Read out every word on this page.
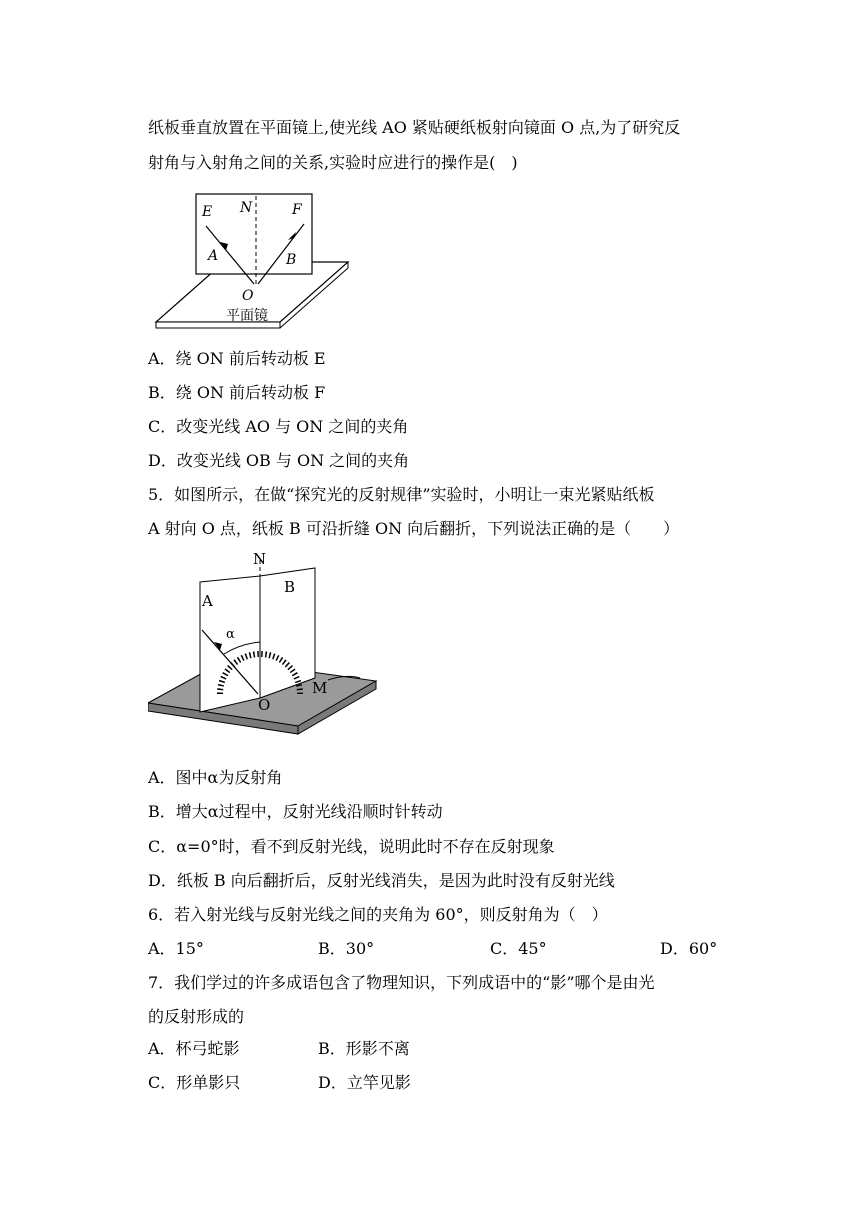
纸板垂直放置在平面镜上,使光线 AO 紧贴硬纸板射向镜面 O 点,为了研究反
射角与入射角之间的关系,实验时应进行的操作是(　)
E N	F
A	B
O
平面镜
A．绕 ON 前后转动板 E
B．绕 ON 前后转动板 F
C．改变光线 AO 与 ON 之间的夹角
D．改变光线 OB 与 ON 之间的夹角
5．如图所示，在做“探究光的反射规律”实验时，小明让一束光紧贴纸板
A 射向 O 点，纸板 B 可沿折缝 ON 向后翻折，下列说法正确的是（　　）
N
B
A
α
O
M
A．图中α为反射角
B．增大α过程中，反射光线沿顺时针转动
C．α=0°时，看不到反射光线，说明此时不存在反射现象
D．纸板 B 向后翻折后，反射光线消失，是因为此时没有反射光线
6．若入射光线与反射光线之间的夹角为 60°，则反射角为（　）
A．15°	B．30°	C．45°	D．60°
7．我们学过的许多成语包含了物理知识，下列成语中的“影”哪个是由光
的反射形成的
A．杯弓蛇影	B．形影不离
C．形单影只	D．立竿见影
